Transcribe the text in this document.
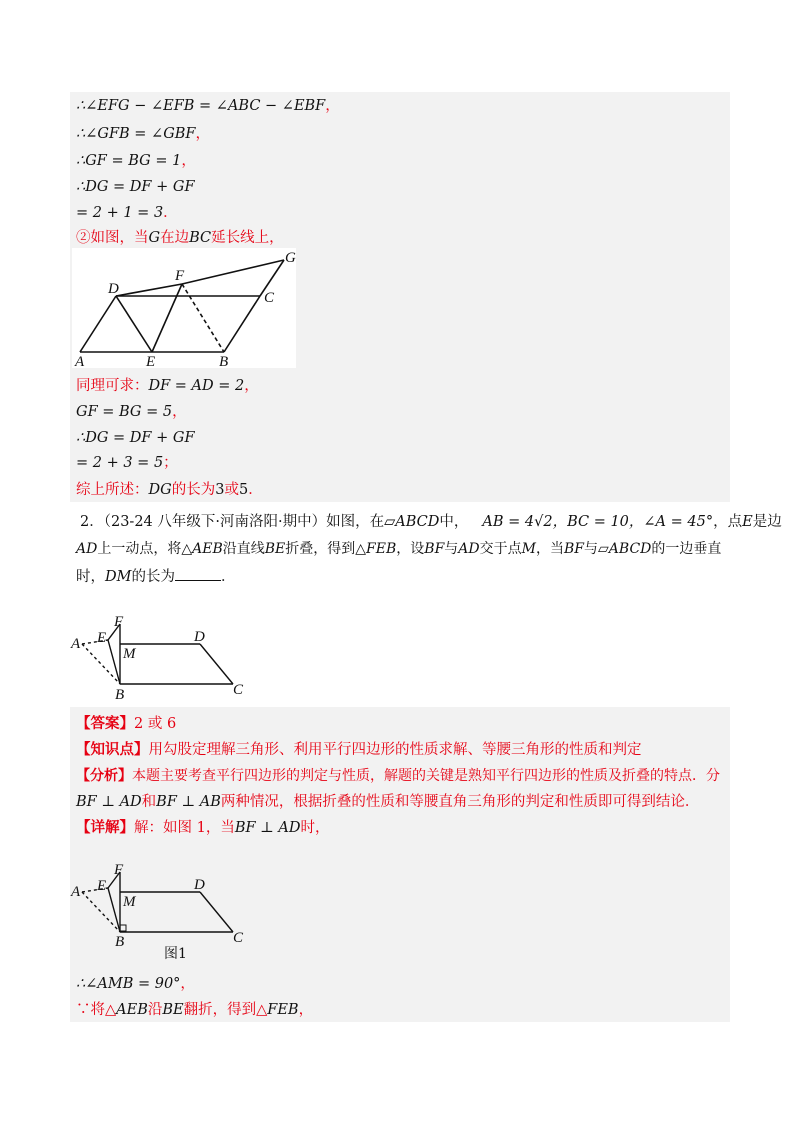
∴∠EFG − ∠EFB = ∠ABC − ∠EBF，
∴∠GFB = ∠GBF，
∴GF = BG = 1，
∴DG = DF + GF
= 2 + 1 = 3．
②如图，当G在边BC延长线上，
D
F
G
C
A	E	B
同理可求：DF = AD = 2，
GF = BG = 5，
∴DG = DF + GF
= 2 + 3 = 5；
综上所述：DG的长为3或5．
2．（23-24 八年级下·河南洛阳·期中）如图，在▱ABCD中， AB = 4√2，BC = 10，∠A = 45°，点E是边
AD上一动点，将△AEB沿直线BE折叠，得到△FEB，设BF与AD交于点M，当BF与▱ABCD的一边垂直
时，DM的长为	．
F
E	D
A
M
B	C
【答案】2 或 6
【知识点】用勾股定理解三角形、利用平行四边形的性质求解、等腰三角形的性质和判定
【分析】本题主要考查平行四边形的判定与性质，解题的关键是熟知平行四边形的性质及折叠的特点．分
BF ⊥ AD和BF ⊥ AB两种情况，根据折叠的性质和等腰直角三角形的判定和性质即可得到结论．
【详解】解：如图 1，当BF ⊥ AD时，
F
E	D
A
M
B	C
图1
∴∠AMB = 90°，
∵将△AEB沿BE翻折，得到△FEB，
